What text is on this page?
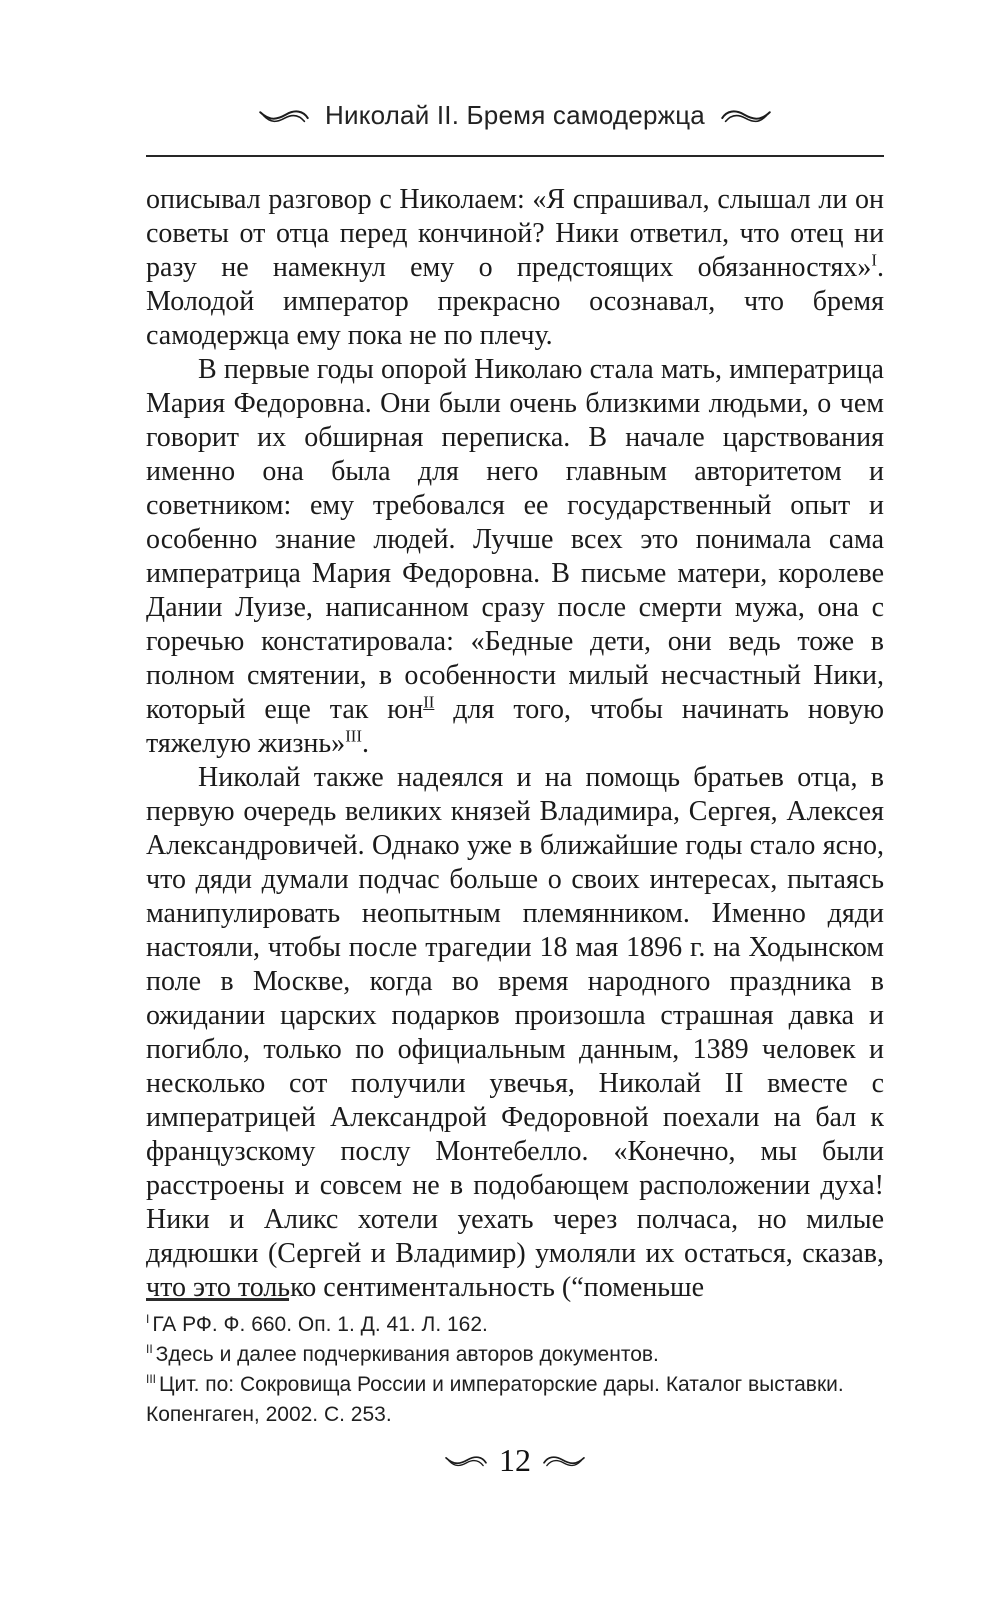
Николай II. Бремя самодержца

описывал разговор с Николаем: «Я спрашивал, слышал ли он советы от отца перед кончиной? Ники ответил, что отец ни разу не намекнул ему о предстоящих обязанностях»$^I$. Молодой император прекрасно осознавал, что бремя самодержца ему пока не по плечу.

В первые годы опорой Николаю стала мать, императрица Мария Федоровна. Они были очень близкими людьми, о чем говорит их обширная переписка. В начале царствования именно она была для него главным авторитетом и советником: ему требовался ее государственный опыт и особенно знание людей. Лучше всех это понимала сама императрица Мария Федоровна. В письме матери, королеве Дании Луизе, написанном сразу после смерти мужа, она с горечью констатировала: «Бедные дети, они ведь тоже в полном смятении, в особенности милый несчастный Ники, который еще так $юн^{II}$ для того, чтобы начинать новую тяжелую жизнь»$^{III}$.

Николай также надеялся и на помощь братьев отца, в первую очередь великих князей Владимира, Сергея, Алексея Александровичей. Однако уже в ближайшие годы стало ясно, что дяди думали подчас больше о своих интересах, пытаясь манипулировать неопытным племянником. Именно дяди настояли, чтобы после трагедии 18 мая 1896 г. на Ходынском поле в Москве, когда во время народного праздника в ожидании царских подарков произошла страшная давка и погибло, только по официальным данным, 1389 человек и несколько сот получили увечья, Николай II вместе с императрицей Александрой Федоровной поехали на бал к французскому послу Монтебелло. «Конечно, мы были расстроены и совсем не в подобающем расположении духа! Ники и Аликс хотели уехать через полчаса, но милые дядюшки (Сергей и Владимир) умоляли их остаться, сказав, что это только сентиментальность (“поменьше

$^I$ ГА РФ. Ф. 660. Оп. 1. Д. 41. Л. 162.
$^{II}$ Здесь и далее подчеркивания авторов документов.
$^{III}$ Цит. по: Сокровища России и императорские дары. Каталог выставки. Копенгаген, 2002. С. 253.
12
